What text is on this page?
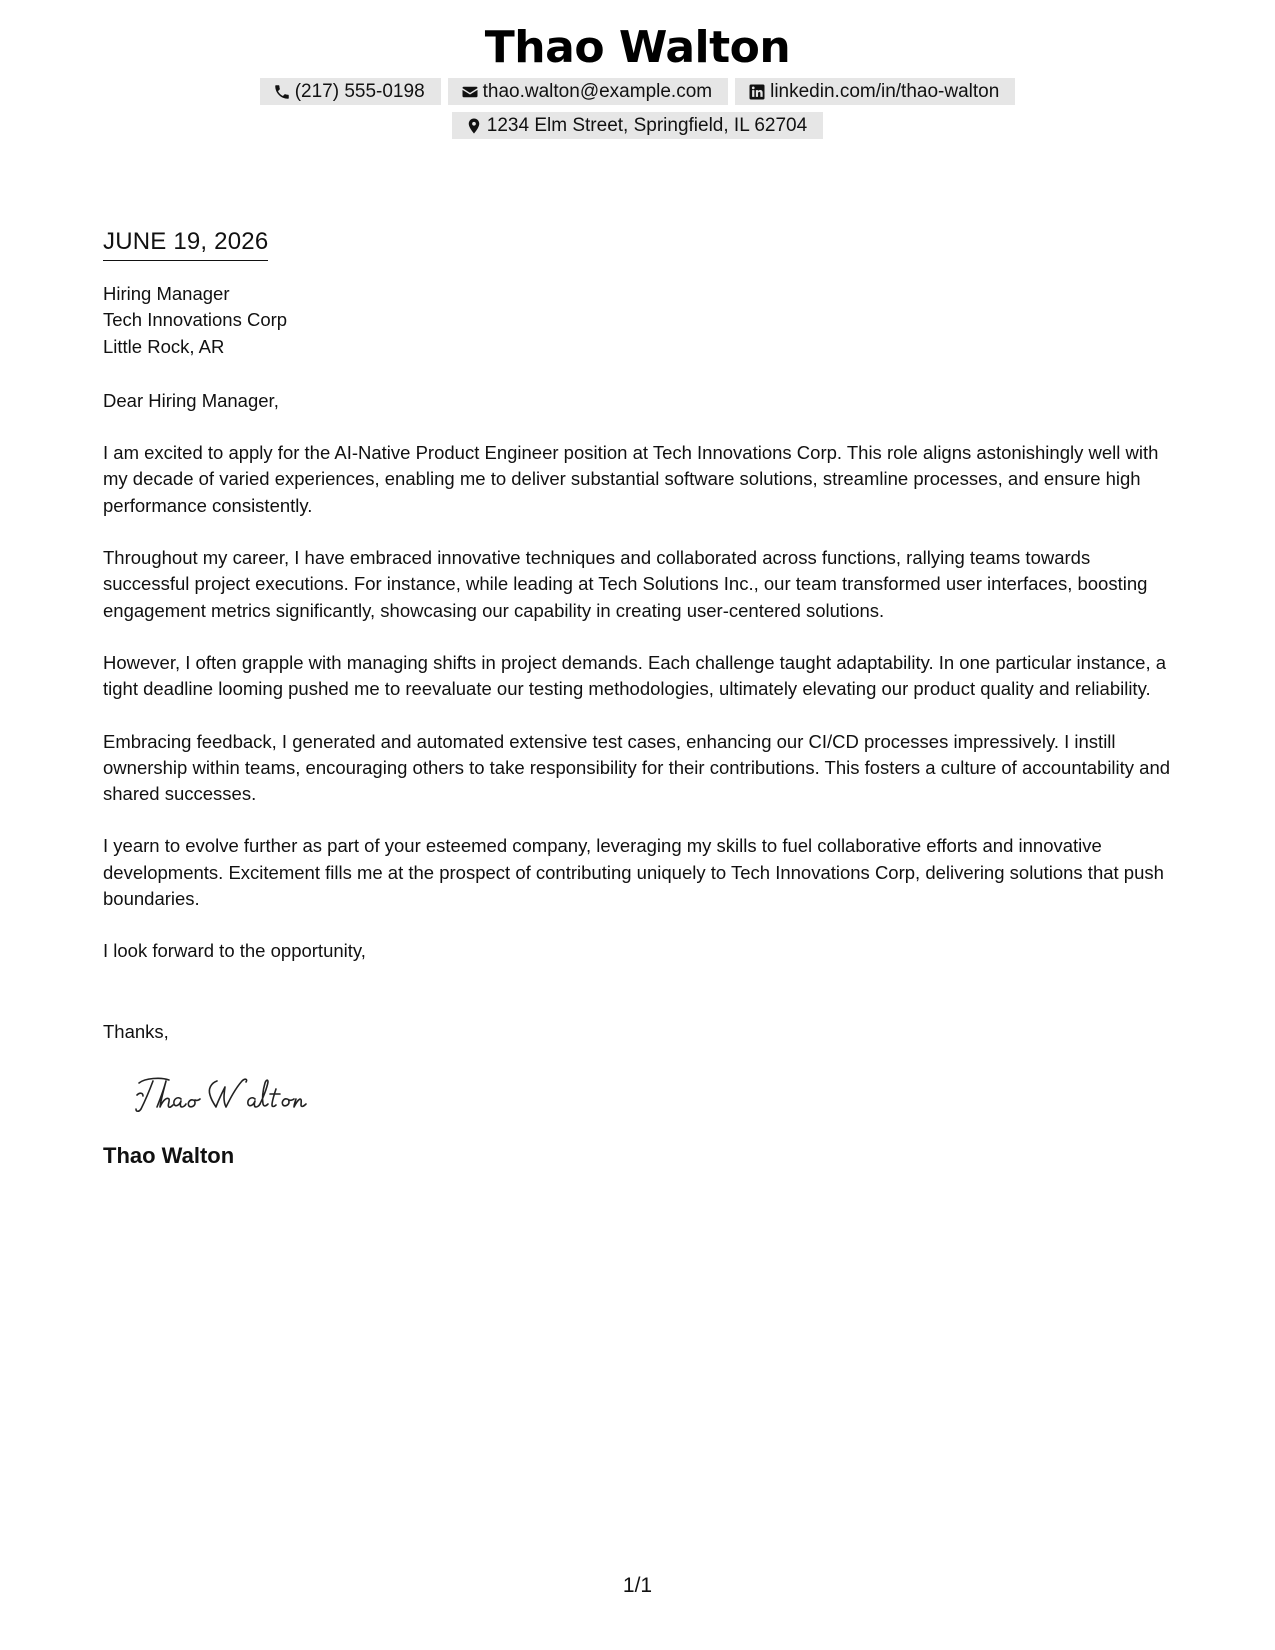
Thao Walton
(217) 555-0198	thao.walton@example.com	linkedin.com/in/thao-walton
1234 Elm Street, Springfield, IL 62704
JUNE 19, 2026
Hiring Manager
Tech Innovations Corp
Little Rock, AR
Dear Hiring Manager,

I am excited to apply for the AI-Native Product Engineer position at Tech Innovations Corp. This role aligns astonishingly well with my decade of varied experiences, enabling me to deliver substantial software solutions, streamline processes, and ensure high performance consistently.

Throughout my career, I have embraced innovative techniques and collaborated across functions, rallying teams towards successful project executions. For instance, while leading at Tech Solutions Inc., our team transformed user interfaces, boosting engagement metrics significantly, showcasing our capability in creating user-centered solutions.

However, I often grapple with managing shifts in project demands. Each challenge taught adaptability. In one particular instance, a tight deadline looming pushed me to reevaluate our testing methodologies, ultimately elevating our product quality and reliability.

Embracing feedback, I generated and automated extensive test cases, enhancing our CI/CD processes impressively. I instill ownership within teams, encouraging others to take responsibility for their contributions. This fosters a culture of accountability and shared successes.

I yearn to evolve further as part of your esteemed company, leveraging my skills to fuel collaborative efforts and innovative developments. Excitement fills me at the prospect of contributing uniquely to Tech Innovations Corp, delivering solutions that push boundaries.

I look forward to the opportunity,
Thanks,
Thao Walton
1/1
